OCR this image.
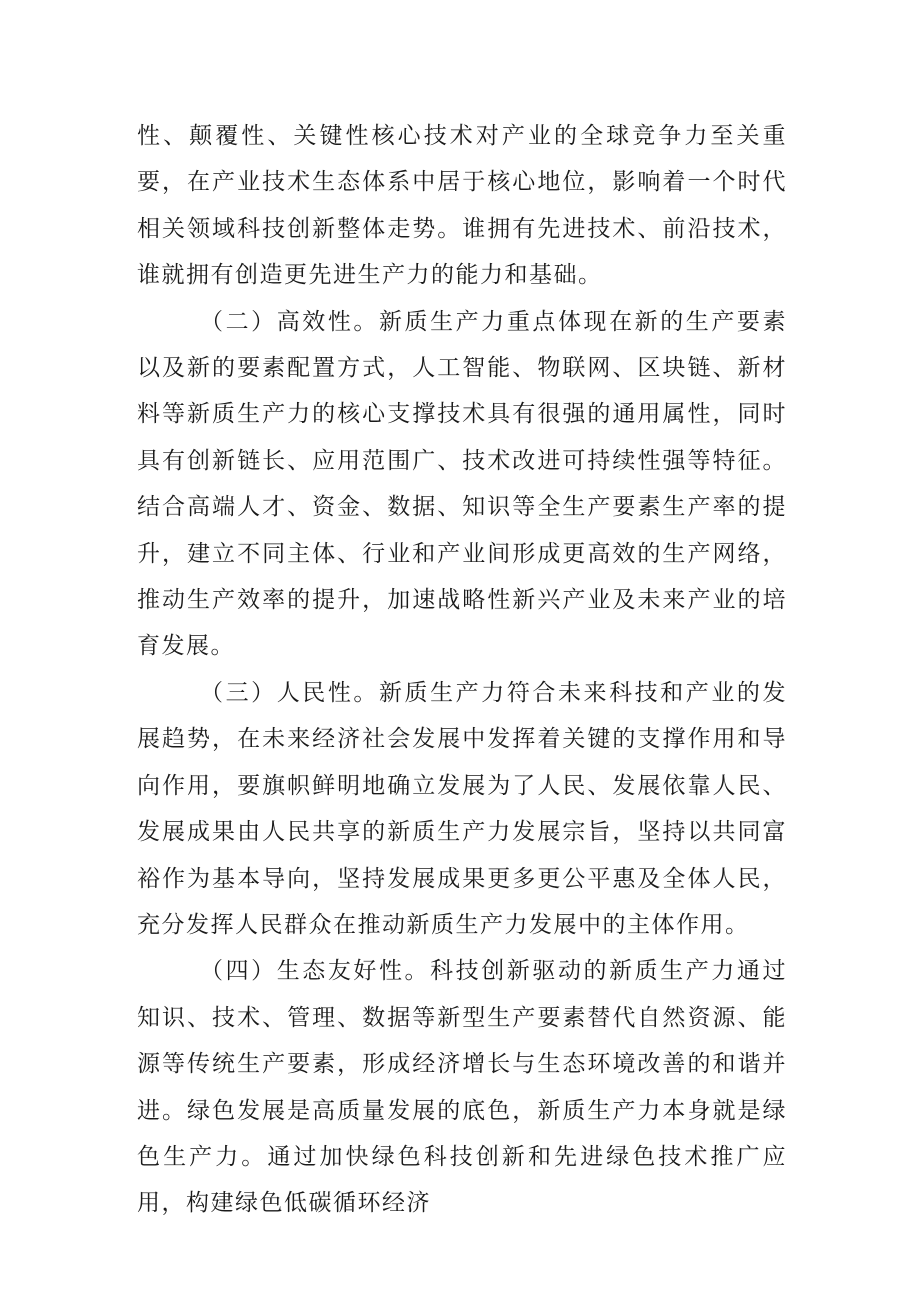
性、颠覆性、关键性核心技术对产业的全球竞争力至关重要，在产业技术生态体系中居于核心地位，影响着一个时代相关领域科技创新整体走势。谁拥有先进技术、前沿技术，谁就拥有创造更先进生产力的能力和基础。

（二）高效性。新质生产力重点体现在新的生产要素以及新的要素配置方式，人工智能、物联网、区块链、新材料等新质生产力的核心支撑技术具有很强的通用属性，同时具有创新链长、应用范围广、技术改进可持续性强等特征。结合高端人才、资金、数据、知识等全生产要素生产率的提升，建立不同主体、行业和产业间形成更高效的生产网络，推动生产效率的提升，加速战略性新兴产业及未来产业的培育发展。

（三）人民性。新质生产力符合未来科技和产业的发展趋势，在未来经济社会发展中发挥着关键的支撑作用和导向作用，要旗帜鲜明地确立发展为了人民、发展依靠人民、发展成果由人民共享的新质生产力发展宗旨，坚持以共同富裕作为基本导向，坚持发展成果更多更公平惠及全体人民，充分发挥人民群众在推动新质生产力发展中的主体作用。

（四）生态友好性。科技创新驱动的新质生产力通过知识、技术、管理、数据等新型生产要素替代自然资源、能源等传统生产要素，形成经济增长与生态环境改善的和谐并进。绿色发展是高质量发展的底色，新质生产力本身就是绿色生产力。通过加快绿色科技创新和先进绿色技术推广应用，构建绿色低碳循环经济
